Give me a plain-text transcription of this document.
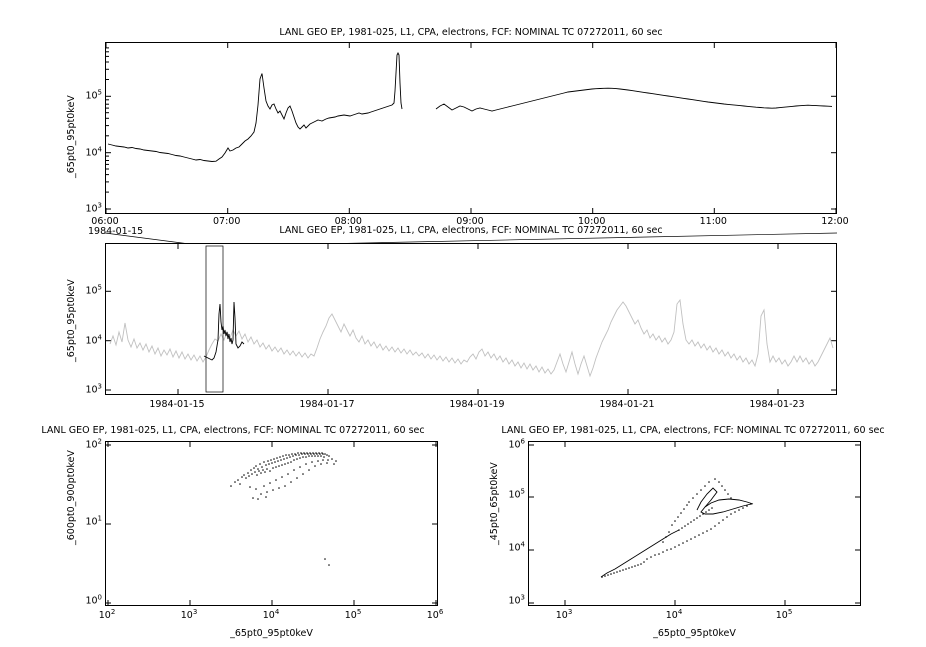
LANL GEO EP, 1981-025, L1, CPA, electrons, FCF: NOMINAL TC 07272011, 60 sec
_65pt0_95pt0keV
$10^3$
$10^4$
$10^5$
06:00	07:00	08:00	09:00	10:00	11:00	12:00
1984-01-15	LANL GEO EP, 1981-025, L1, CPA, electrons, FCF: NOMINAL TC 07272011, 60 sec
_65pt0_95pt0keV
$10^3$
$10^4$
$10^5$
1984-01-15	1984-01-17	1984-01-19	1984-01-21	1984-01-23
LANL GEO EP, 1981-025, L1, CPA, electrons, FCF: NOMINAL TC 07272011, 60 sec
_600pt0_900pt0keV
$10^0$
$10^1$
$10^2$
$10^2$	$10^3$	$10^4$	$10^5$	$10^6$
_65pt0_95pt0keV
LANL GEO EP, 1981-025, L1, CPA, electrons, FCF: NOMINAL TC 07272011, 60 sec
_45pt0_65pt0keV
$10^3$
$10^4$
$10^5$
$10^6$
$10^3$	$10^4$	$10^5$
_65pt0_95pt0keV
